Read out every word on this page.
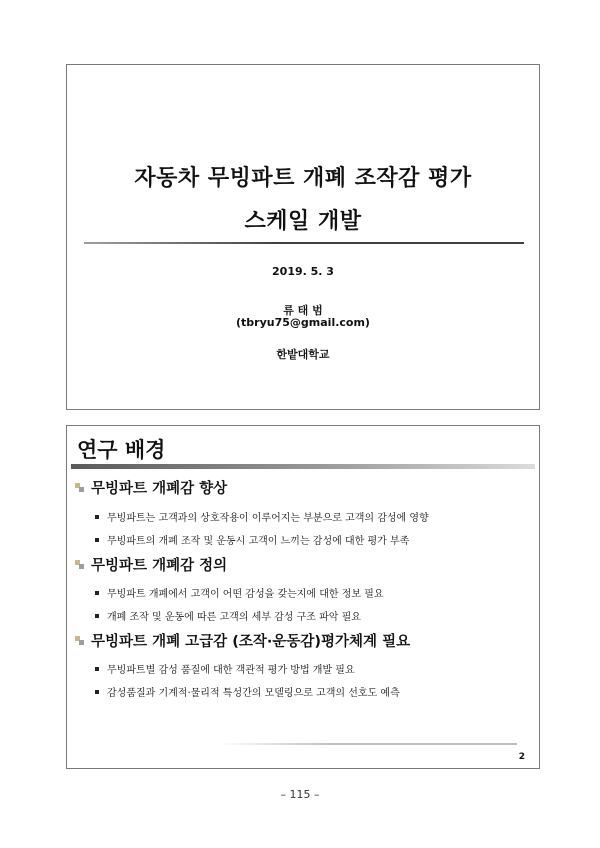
자동차 무빙파트 개폐 조작감 평가
스케일 개발
2019. 5. 3
류 태 범
(tbryu75@gmail.com)
한밭대학교
연구 배경
무빙파트 개폐감 향상
무빙파트는 고객과의 상호작용이 이루어지는 부분으로 고객의 감성에 영향
무빙파트의 개폐 조작 및 운동시 고객이 느끼는 감성에 대한 평가 부족
무빙파트 개폐감 정의
무빙파트 개폐에서 고객이 어떤 감성을 갖는지에 대한 정보 필요
개폐 조작 및 운동에 따른 고객의 세부 감성 구조 파악 필요
무빙파트 개폐 고급감 (조작·운동감)평가체계 필요
무빙파트별 감성 품질에 대한 객관적 평가 방법 개발 필요
감성품질과 기계적·물리적 특성간의 모델링으로 고객의 선호도 예측
2
– 115 –
